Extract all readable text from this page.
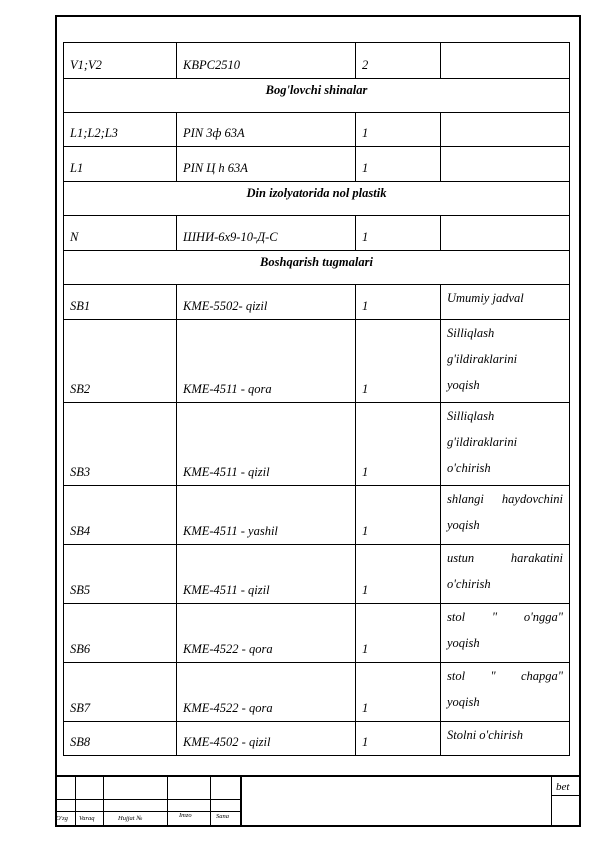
V1;V2	KBPC2510	2	
Bog'lovchi shinalar			
L1;L2;L3	PIN 3ф 63A	1	
L1	PIN Ц h 63A	1	
Din izolyatorida nol plastik			
N	ШНИ-6х9-10-Д-С	1	
Boshqarish tugmalari			
SB1	KME-5502- qizil	1	Umumiy jadval

SB2	KME-4511 - qora	1	Silliqlash
g'ildiraklarini
yoqish

SB3	KME-4511 - qizil	1	Silliqlash
g'ildiraklarini
o'chirish

SB4	KME-4511 - yashil	1	shlangi haydovchini
yoqish

SB5	KME-4511 - qizil	1	ustun harakatini
o'chirish

SB6	KME-4522 - qora	1	stol " o'ngga"
yoqish

SB7	KME-4522 - qora	1	stol " chapga"
yoqish

SB8	KME-4502 - qizil	1	Stolni o'chirish
O'zg Varaq	Hujjat №	Imzo	Sana
bet
